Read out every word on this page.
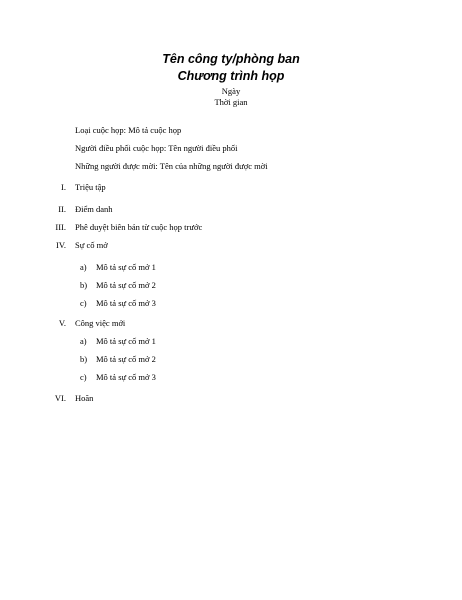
Tên công ty/phòng ban
Chương trình họp
Ngày
Thời gian
Loại cuộc họp: Mô tả cuộc họp
Người điều phối cuộc họp: Tên người điều phối
Những người được mời: Tên của những người được mời
I. Triệu tập
II. Điểm danh
III. Phê duyệt biên bản từ cuộc họp trước
IV. Sự cố mở
a) Mô tả sự cố mở 1
b) Mô tả sự cố mở 2
c) Mô tả sự cố mở 3
V. Công việc mới
a) Mô tả sự cố mở 1
b) Mô tả sự cố mở 2
c) Mô tả sự cố mở 3
VI. Hoãn
